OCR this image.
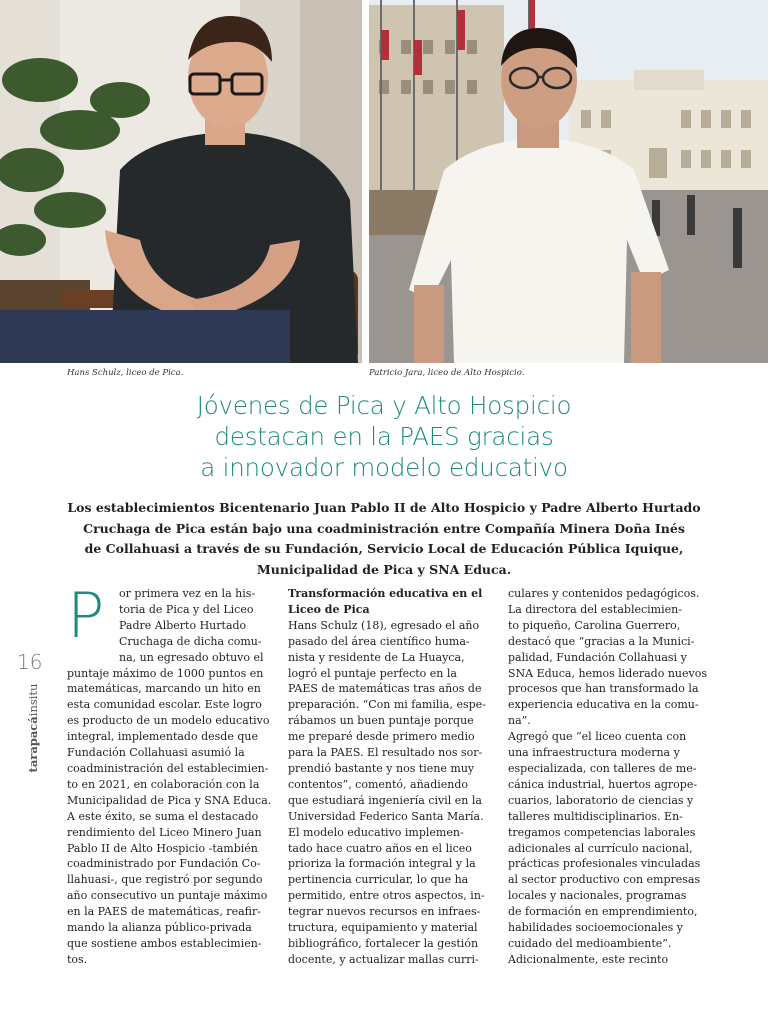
Hans Schulz, liceo de Pica.	Patricio Jara, liceo de Alto Hospicio.
Jóvenes de Pica y Alto Hospicio
destacan en la PAES gracias
a innovador modelo educativo
Los establecimientos Bicentenario Juan Pablo II de Alto Hospicio y Padre Alberto Hurtado
Cruchaga de Pica están bajo una coadministración entre Compañía Minera Doña Inés
de Collahuasi a través de su Fundación, Servicio Local de Educación Pública Iquique,
Municipalidad de Pica y SNA Educa.
16
tarapacáinsitu
P	or primera vez en la his-
toria de Pica y del Liceo
Padre Alberto Hurtado
Cruchaga de dicha comu-
na, un egresado obtuvo el
puntaje máximo de 1000 puntos en
matemáticas, marcando un hito en
esta comunidad escolar. Este logro
es producto de un modelo educativo
integral, implementado desde que
Fundación Collahuasi asumió la
coadministración del establecimien-
to en 2021, en colaboración con la
Municipalidad de Pica y SNA Educa.
A este éxito, se suma el destacado
rendimiento del Liceo Minero Juan
Pablo II de Alto Hospicio -también
coadministrado por Fundación Co-
llahuasi-, que registró por segundo
año consecutivo un puntaje máximo
en la PAES de matemáticas, reafir-
mando la alianza público-privada
que sostiene ambos establecimien-
tos.
Transformación educativa en el
Liceo de Pica
Hans Schulz (18), egresado el año
pasado del área científico huma-
nista y residente de La Huayca,
logró el puntaje perfecto en la
PAES de matemáticas tras años de
preparación. “Con mi familia, espe-
rábamos un buen puntaje porque
me preparé desde primero medio
para la PAES. El resultado nos sor-
prendió bastante y nos tiene muy
contentos”, comentó, añadiendo
que estudiará ingeniería civil en la
Universidad Federico Santa María.
El modelo educativo implemen-
tado hace cuatro años en el liceo
prioriza la formación integral y la
pertinencia curricular, lo que ha
permitido, entre otros aspectos, in-
tegrar nuevos recursos en infraes-
tructura, equipamiento y material
bibliográfico, fortalecer la gestión
docente, y actualizar mallas curri-
culares y contenidos pedagógicos.
La directora del establecimien-
to piqueño, Carolina Guerrero,
destacó que “gracias a la Munici-
palidad, Fundación Collahuasi y
SNA Educa, hemos liderado nuevos
procesos que han transformado la
experiencia educativa en la comu-
na”.
Agregó que “el liceo cuenta con
una infraestructura moderna y
especializada, con talleres de me-
cánica industrial, huertos agrope-
cuarios, laboratorio de ciencias y
talleres multidisciplinarios. En-
tregamos competencias laborales
adicionales al currículo nacional,
prácticas profesionales vinculadas
al sector productivo con empresas
locales y nacionales, programas
de formación en emprendimiento,
habilidades socioemocionales y
cuidado del medioambiente”.
Adicionalmente, este recinto
